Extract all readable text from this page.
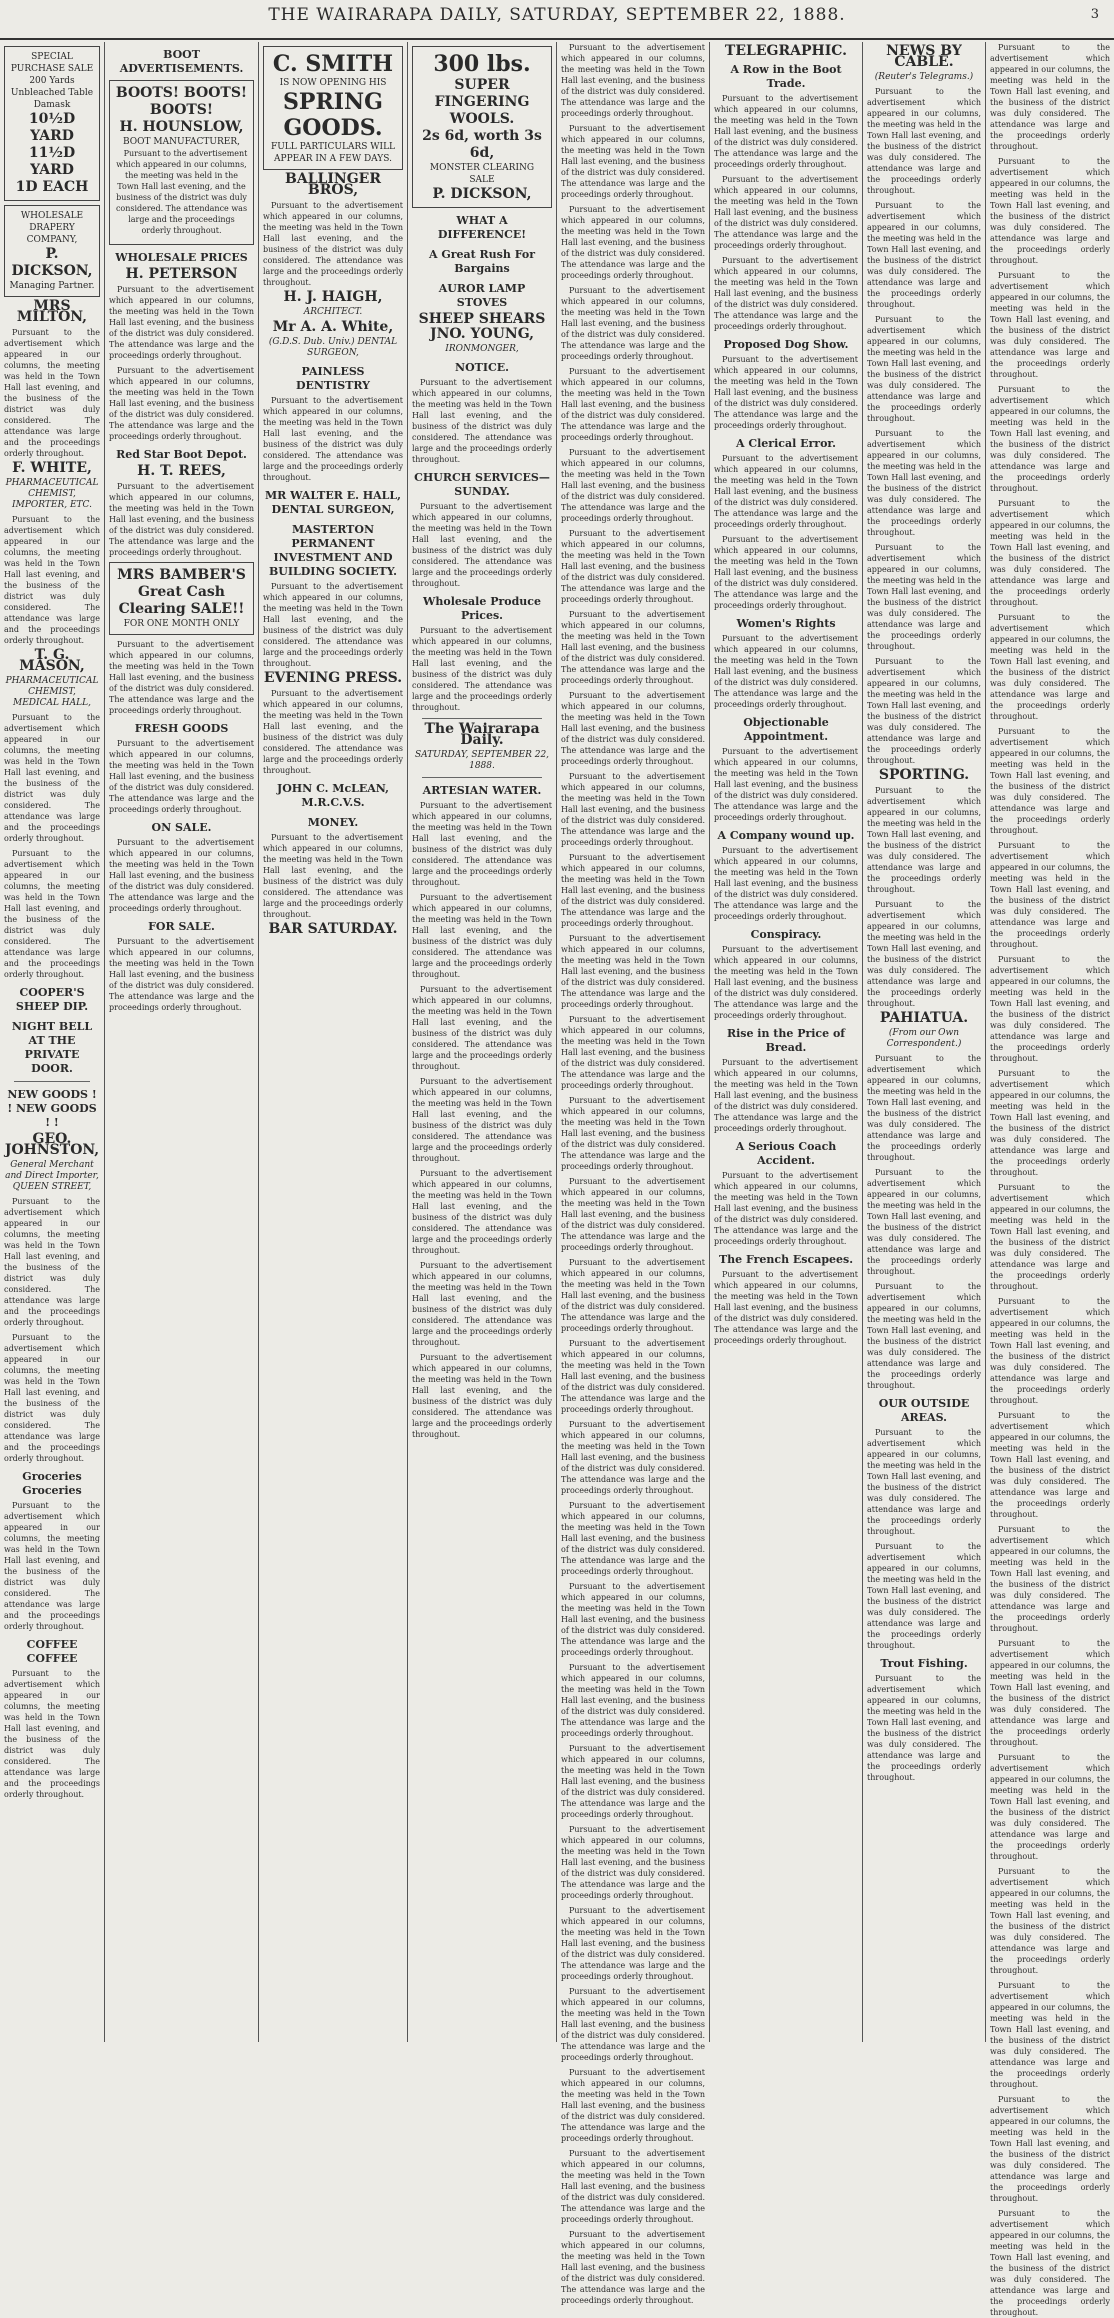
THE WAIRARAPA DAILY, SATURDAY, SEPTEMBER 22, 1888.	3
SPECIAL PURCHASE SALE
200 Yards Unbleached Table Damask
10½D YARD
11½D YARD
1D EACH
WHOLESALE DRAPERY COMPANY,
P. DICKSON,
Managing Partner.
MRS MILTON,
Pursuant to the advertisement which appeared in our columns, the meeting was held in the Town Hall last evening, and the business of the district was duly considered. The attendance was large and the proceedings orderly throughout.
F. WHITE,
PHARMACEUTICAL CHEMIST, IMPORTER, ETC.
Pursuant to the advertisement which appeared in our columns, the meeting was held in the Town Hall last evening, and the business of the district was duly considered. The attendance was large and the proceedings orderly throughout.
T. G. MASON,
PHARMACEUTICAL CHEMIST, MEDICAL HALL,
Pursuant to the advertisement which appeared in our columns, the meeting was held in the Town Hall last evening, and the business of the district was duly considered. The attendance was large and the proceedings orderly throughout.
Pursuant to the advertisement which appeared in our columns, the meeting was held in the Town Hall last evening, and the business of the district was duly considered. The attendance was large and the proceedings orderly throughout.
COOPER'S SHEEP DIP.
NIGHT BELL AT THE PRIVATE DOOR.
NEW GOODS ! ! NEW GOODS ! !
GEO. JOHNSTON,
General Merchant and Direct Importer, QUEEN STREET,
Pursuant to the advertisement which appeared in our columns, the meeting was held in the Town Hall last evening, and the business of the district was duly considered. The attendance was large and the proceedings orderly throughout.
Pursuant to the advertisement which appeared in our columns, the meeting was held in the Town Hall last evening, and the business of the district was duly considered. The attendance was large and the proceedings orderly throughout.
Groceries Groceries
Pursuant to the advertisement which appeared in our columns, the meeting was held in the Town Hall last evening, and the business of the district was duly considered. The attendance was large and the proceedings orderly throughout.
COFFEE COFFEE
Pursuant to the advertisement which appeared in our columns, the meeting was held in the Town Hall last evening, and the business of the district was duly considered. The attendance was large and the proceedings orderly throughout.
BOOT ADVERTISEMENTS.
BOOTS! BOOTS! BOOTS!
H. HOUNSLOW,
BOOT MANUFACTURER,
Pursuant to the advertisement which appeared in our columns, the meeting was held in the Town Hall last evening, and the business of the district was duly considered. The attendance was large and the proceedings orderly throughout.
WHOLESALE PRICES
H. PETERSON
Pursuant to the advertisement which appeared in our columns, the meeting was held in the Town Hall last evening, and the business of the district was duly considered. The attendance was large and the proceedings orderly throughout.
Pursuant to the advertisement which appeared in our columns, the meeting was held in the Town Hall last evening, and the business of the district was duly considered. The attendance was large and the proceedings orderly throughout.
Red Star Boot Depot.
H. T. REES,
Pursuant to the advertisement which appeared in our columns, the meeting was held in the Town Hall last evening, and the business of the district was duly considered. The attendance was large and the proceedings orderly throughout.
MRS BAMBER'S Great Cash Clearing SALE!!
FOR ONE MONTH ONLY
Pursuant to the advertisement which appeared in our columns, the meeting was held in the Town Hall last evening, and the business of the district was duly considered. The attendance was large and the proceedings orderly throughout.
FRESH GOODS
Pursuant to the advertisement which appeared in our columns, the meeting was held in the Town Hall last evening, and the business of the district was duly considered. The attendance was large and the proceedings orderly throughout.
ON SALE.
Pursuant to the advertisement which appeared in our columns, the meeting was held in the Town Hall last evening, and the business of the district was duly considered. The attendance was large and the proceedings orderly throughout.
FOR SALE.
Pursuant to the advertisement which appeared in our columns, the meeting was held in the Town Hall last evening, and the business of the district was duly considered. The attendance was large and the proceedings orderly throughout.
C. SMITH
IS NOW OPENING HIS
SPRING GOODS.
FULL PARTICULARS WILL APPEAR IN A FEW DAYS.
BALLINGER BROS,
Pursuant to the advertisement which appeared in our columns, the meeting was held in the Town Hall last evening, and the business of the district was duly considered. The attendance was large and the proceedings orderly throughout.
H. J. HAIGH,
ARCHITECT.
Mr A. A. White,
(G.D.S. Dub. Univ.) DENTAL SURGEON,
PAINLESS DENTISTRY
Pursuant to the advertisement which appeared in our columns, the meeting was held in the Town Hall last evening, and the business of the district was duly considered. The attendance was large and the proceedings orderly throughout.
MR WALTER E. HALL, DENTAL SURGEON,
MASTERTON PERMANENT INVESTMENT AND BUILDING SOCIETY.
Pursuant to the advertisement which appeared in our columns, the meeting was held in the Town Hall last evening, and the business of the district was duly considered. The attendance was large and the proceedings orderly throughout.
EVENING PRESS.
Pursuant to the advertisement which appeared in our columns, the meeting was held in the Town Hall last evening, and the business of the district was duly considered. The attendance was large and the proceedings orderly throughout.
JOHN C. McLEAN, M.R.C.V.S.
MONEY.
Pursuant to the advertisement which appeared in our columns, the meeting was held in the Town Hall last evening, and the business of the district was duly considered. The attendance was large and the proceedings orderly throughout.
BAR SATURDAY.
300 lbs.
SUPER FINGERING WOOLS.
2s 6d, worth 3s 6d,
MONSTER CLEARING SALE
P. DICKSON,
WHAT A DIFFERENCE!
A Great Rush For Bargains
AUROR LAMP STOVES
SHEEP SHEARS
JNO. YOUNG,
IRONMONGER,
NOTICE.
Pursuant to the advertisement which appeared in our columns, the meeting was held in the Town Hall last evening, and the business of the district was duly considered. The attendance was large and the proceedings orderly throughout.
CHURCH SERVICES—SUNDAY.
Pursuant to the advertisement which appeared in our columns, the meeting was held in the Town Hall last evening, and the business of the district was duly considered. The attendance was large and the proceedings orderly throughout.
Wholesale Produce Prices.
Pursuant to the advertisement which appeared in our columns, the meeting was held in the Town Hall last evening, and the business of the district was duly considered. The attendance was large and the proceedings orderly throughout.
The Wairarapa Daily.
SATURDAY, SEPTEMBER 22, 1888.
ARTESIAN WATER.
Pursuant to the advertisement which appeared in our columns, the meeting was held in the Town Hall last evening, and the business of the district was duly considered. The attendance was large and the proceedings orderly throughout.
Pursuant to the advertisement which appeared in our columns, the meeting was held in the Town Hall last evening, and the business of the district was duly considered. The attendance was large and the proceedings orderly throughout.
Pursuant to the advertisement which appeared in our columns, the meeting was held in the Town Hall last evening, and the business of the district was duly considered. The attendance was large and the proceedings orderly throughout.
Pursuant to the advertisement which appeared in our columns, the meeting was held in the Town Hall last evening, and the business of the district was duly considered. The attendance was large and the proceedings orderly throughout.
Pursuant to the advertisement which appeared in our columns, the meeting was held in the Town Hall last evening, and the business of the district was duly considered. The attendance was large and the proceedings orderly throughout.
Pursuant to the advertisement which appeared in our columns, the meeting was held in the Town Hall last evening, and the business of the district was duly considered. The attendance was large and the proceedings orderly throughout.
Pursuant to the advertisement which appeared in our columns, the meeting was held in the Town Hall last evening, and the business of the district was duly considered. The attendance was large and the proceedings orderly throughout.
Pursuant to the advertisement which appeared in our columns, the meeting was held in the Town Hall last evening, and the business of the district was duly considered. The attendance was large and the proceedings orderly throughout.
Pursuant to the advertisement which appeared in our columns, the meeting was held in the Town Hall last evening, and the business of the district was duly considered. The attendance was large and the proceedings orderly throughout.
Pursuant to the advertisement which appeared in our columns, the meeting was held in the Town Hall last evening, and the business of the district was duly considered. The attendance was large and the proceedings orderly throughout.
Pursuant to the advertisement which appeared in our columns, the meeting was held in the Town Hall last evening, and the business of the district was duly considered. The attendance was large and the proceedings orderly throughout.
Pursuant to the advertisement which appeared in our columns, the meeting was held in the Town Hall last evening, and the business of the district was duly considered. The attendance was large and the proceedings orderly throughout.
Pursuant to the advertisement which appeared in our columns, the meeting was held in the Town Hall last evening, and the business of the district was duly considered. The attendance was large and the proceedings orderly throughout.
Pursuant to the advertisement which appeared in our columns, the meeting was held in the Town Hall last evening, and the business of the district was duly considered. The attendance was large and the proceedings orderly throughout.
Pursuant to the advertisement which appeared in our columns, the meeting was held in the Town Hall last evening, and the business of the district was duly considered. The attendance was large and the proceedings orderly throughout.
Pursuant to the advertisement which appeared in our columns, the meeting was held in the Town Hall last evening, and the business of the district was duly considered. The attendance was large and the proceedings orderly throughout.
Pursuant to the advertisement which appeared in our columns, the meeting was held in the Town Hall last evening, and the business of the district was duly considered. The attendance was large and the proceedings orderly throughout.
Pursuant to the advertisement which appeared in our columns, the meeting was held in the Town Hall last evening, and the business of the district was duly considered. The attendance was large and the proceedings orderly throughout.
Pursuant to the advertisement which appeared in our columns, the meeting was held in the Town Hall last evening, and the business of the district was duly considered. The attendance was large and the proceedings orderly throughout.
Pursuant to the advertisement which appeared in our columns, the meeting was held in the Town Hall last evening, and the business of the district was duly considered. The attendance was large and the proceedings orderly throughout.
Pursuant to the advertisement which appeared in our columns, the meeting was held in the Town Hall last evening, and the business of the district was duly considered. The attendance was large and the proceedings orderly throughout.
Pursuant to the advertisement which appeared in our columns, the meeting was held in the Town Hall last evening, and the business of the district was duly considered. The attendance was large and the proceedings orderly throughout.
Pursuant to the advertisement which appeared in our columns, the meeting was held in the Town Hall last evening, and the business of the district was duly considered. The attendance was large and the proceedings orderly throughout.
Pursuant to the advertisement which appeared in our columns, the meeting was held in the Town Hall last evening, and the business of the district was duly considered. The attendance was large and the proceedings orderly throughout.
Pursuant to the advertisement which appeared in our columns, the meeting was held in the Town Hall last evening, and the business of the district was duly considered. The attendance was large and the proceedings orderly throughout.
Pursuant to the advertisement which appeared in our columns, the meeting was held in the Town Hall last evening, and the business of the district was duly considered. The attendance was large and the proceedings orderly throughout.
Pursuant to the advertisement which appeared in our columns, the meeting was held in the Town Hall last evening, and the business of the district was duly considered. The attendance was large and the proceedings orderly throughout.
Pursuant to the advertisement which appeared in our columns, the meeting was held in the Town Hall last evening, and the business of the district was duly considered. The attendance was large and the proceedings orderly throughout.
Pursuant to the advertisement which appeared in our columns, the meeting was held in the Town Hall last evening, and the business of the district was duly considered. The attendance was large and the proceedings orderly throughout.
Pursuant to the advertisement which appeared in our columns, the meeting was held in the Town Hall last evening, and the business of the district was duly considered. The attendance was large and the proceedings orderly throughout.
Pursuant to the advertisement which appeared in our columns, the meeting was held in the Town Hall last evening, and the business of the district was duly considered. The attendance was large and the proceedings orderly throughout.
Pursuant to the advertisement which appeared in our columns, the meeting was held in the Town Hall last evening, and the business of the district was duly considered. The attendance was large and the proceedings orderly throughout.
Pursuant to the advertisement which appeared in our columns, the meeting was held in the Town Hall last evening, and the business of the district was duly considered. The attendance was large and the proceedings orderly throughout.
Pursuant to the advertisement which appeared in our columns, the meeting was held in the Town Hall last evening, and the business of the district was duly considered. The attendance was large and the proceedings orderly throughout.
Pursuant to the advertisement which appeared in our columns, the meeting was held in the Town Hall last evening, and the business of the district was duly considered. The attendance was large and the proceedings orderly throughout.
TELEGRAPHIC.
A Row in the Boot Trade.
Pursuant to the advertisement which appeared in our columns, the meeting was held in the Town Hall last evening, and the business of the district was duly considered. The attendance was large and the proceedings orderly throughout.
Pursuant to the advertisement which appeared in our columns, the meeting was held in the Town Hall last evening, and the business of the district was duly considered. The attendance was large and the proceedings orderly throughout.
Pursuant to the advertisement which appeared in our columns, the meeting was held in the Town Hall last evening, and the business of the district was duly considered. The attendance was large and the proceedings orderly throughout.
Proposed Dog Show.
Pursuant to the advertisement which appeared in our columns, the meeting was held in the Town Hall last evening, and the business of the district was duly considered. The attendance was large and the proceedings orderly throughout.
A Clerical Error.
Pursuant to the advertisement which appeared in our columns, the meeting was held in the Town Hall last evening, and the business of the district was duly considered. The attendance was large and the proceedings orderly throughout.
Pursuant to the advertisement which appeared in our columns, the meeting was held in the Town Hall last evening, and the business of the district was duly considered. The attendance was large and the proceedings orderly throughout.
Women's Rights
Pursuant to the advertisement which appeared in our columns, the meeting was held in the Town Hall last evening, and the business of the district was duly considered. The attendance was large and the proceedings orderly throughout.
Objectionable Appointment.
Pursuant to the advertisement which appeared in our columns, the meeting was held in the Town Hall last evening, and the business of the district was duly considered. The attendance was large and the proceedings orderly throughout.
A Company wound up.
Pursuant to the advertisement which appeared in our columns, the meeting was held in the Town Hall last evening, and the business of the district was duly considered. The attendance was large and the proceedings orderly throughout.
Conspiracy.
Pursuant to the advertisement which appeared in our columns, the meeting was held in the Town Hall last evening, and the business of the district was duly considered. The attendance was large and the proceedings orderly throughout.
Rise in the Price of Bread.
Pursuant to the advertisement which appeared in our columns, the meeting was held in the Town Hall last evening, and the business of the district was duly considered. The attendance was large and the proceedings orderly throughout.
A Serious Coach Accident.
Pursuant to the advertisement which appeared in our columns, the meeting was held in the Town Hall last evening, and the business of the district was duly considered. The attendance was large and the proceedings orderly throughout.
The French Escapees.
Pursuant to the advertisement which appeared in our columns, the meeting was held in the Town Hall last evening, and the business of the district was duly considered. The attendance was large and the proceedings orderly throughout.
NEWS BY CABLE.
(Reuter's Telegrams.)
Pursuant to the advertisement which appeared in our columns, the meeting was held in the Town Hall last evening, and the business of the district was duly considered. The attendance was large and the proceedings orderly throughout.
Pursuant to the advertisement which appeared in our columns, the meeting was held in the Town Hall last evening, and the business of the district was duly considered. The attendance was large and the proceedings orderly throughout.
Pursuant to the advertisement which appeared in our columns, the meeting was held in the Town Hall last evening, and the business of the district was duly considered. The attendance was large and the proceedings orderly throughout.
Pursuant to the advertisement which appeared in our columns, the meeting was held in the Town Hall last evening, and the business of the district was duly considered. The attendance was large and the proceedings orderly throughout.
Pursuant to the advertisement which appeared in our columns, the meeting was held in the Town Hall last evening, and the business of the district was duly considered. The attendance was large and the proceedings orderly throughout.
Pursuant to the advertisement which appeared in our columns, the meeting was held in the Town Hall last evening, and the business of the district was duly considered. The attendance was large and the proceedings orderly throughout.
SPORTING.
Pursuant to the advertisement which appeared in our columns, the meeting was held in the Town Hall last evening, and the business of the district was duly considered. The attendance was large and the proceedings orderly throughout.
Pursuant to the advertisement which appeared in our columns, the meeting was held in the Town Hall last evening, and the business of the district was duly considered. The attendance was large and the proceedings orderly throughout.
PAHIATUA.
(From our Own Correspondent.)
Pursuant to the advertisement which appeared in our columns, the meeting was held in the Town Hall last evening, and the business of the district was duly considered. The attendance was large and the proceedings orderly throughout.
Pursuant to the advertisement which appeared in our columns, the meeting was held in the Town Hall last evening, and the business of the district was duly considered. The attendance was large and the proceedings orderly throughout.
Pursuant to the advertisement which appeared in our columns, the meeting was held in the Town Hall last evening, and the business of the district was duly considered. The attendance was large and the proceedings orderly throughout.
OUR OUTSIDE AREAS.
Pursuant to the advertisement which appeared in our columns, the meeting was held in the Town Hall last evening, and the business of the district was duly considered. The attendance was large and the proceedings orderly throughout.
Pursuant to the advertisement which appeared in our columns, the meeting was held in the Town Hall last evening, and the business of the district was duly considered. The attendance was large and the proceedings orderly throughout.
Trout Fishing.
Pursuant to the advertisement which appeared in our columns, the meeting was held in the Town Hall last evening, and the business of the district was duly considered. The attendance was large and the proceedings orderly throughout.
Pursuant to the advertisement which appeared in our columns, the meeting was held in the Town Hall last evening, and the business of the district was duly considered. The attendance was large and the proceedings orderly throughout.
Pursuant to the advertisement which appeared in our columns, the meeting was held in the Town Hall last evening, and the business of the district was duly considered. The attendance was large and the proceedings orderly throughout.
Pursuant to the advertisement which appeared in our columns, the meeting was held in the Town Hall last evening, and the business of the district was duly considered. The attendance was large and the proceedings orderly throughout.
Pursuant to the advertisement which appeared in our columns, the meeting was held in the Town Hall last evening, and the business of the district was duly considered. The attendance was large and the proceedings orderly throughout.
Pursuant to the advertisement which appeared in our columns, the meeting was held in the Town Hall last evening, and the business of the district was duly considered. The attendance was large and the proceedings orderly throughout.
Pursuant to the advertisement which appeared in our columns, the meeting was held in the Town Hall last evening, and the business of the district was duly considered. The attendance was large and the proceedings orderly throughout.
Pursuant to the advertisement which appeared in our columns, the meeting was held in the Town Hall last evening, and the business of the district was duly considered. The attendance was large and the proceedings orderly throughout.
Pursuant to the advertisement which appeared in our columns, the meeting was held in the Town Hall last evening, and the business of the district was duly considered. The attendance was large and the proceedings orderly throughout.
Pursuant to the advertisement which appeared in our columns, the meeting was held in the Town Hall last evening, and the business of the district was duly considered. The attendance was large and the proceedings orderly throughout.
Pursuant to the advertisement which appeared in our columns, the meeting was held in the Town Hall last evening, and the business of the district was duly considered. The attendance was large and the proceedings orderly throughout.
Pursuant to the advertisement which appeared in our columns, the meeting was held in the Town Hall last evening, and the business of the district was duly considered. The attendance was large and the proceedings orderly throughout.
Pursuant to the advertisement which appeared in our columns, the meeting was held in the Town Hall last evening, and the business of the district was duly considered. The attendance was large and the proceedings orderly throughout.
Pursuant to the advertisement which appeared in our columns, the meeting was held in the Town Hall last evening, and the business of the district was duly considered. The attendance was large and the proceedings orderly throughout.
Pursuant to the advertisement which appeared in our columns, the meeting was held in the Town Hall last evening, and the business of the district was duly considered. The attendance was large and the proceedings orderly throughout.
Pursuant to the advertisement which appeared in our columns, the meeting was held in the Town Hall last evening, and the business of the district was duly considered. The attendance was large and the proceedings orderly throughout.
Pursuant to the advertisement which appeared in our columns, the meeting was held in the Town Hall last evening, and the business of the district was duly considered. The attendance was large and the proceedings orderly throughout.
Pursuant to the advertisement which appeared in our columns, the meeting was held in the Town Hall last evening, and the business of the district was duly considered. The attendance was large and the proceedings orderly throughout.
Pursuant to the advertisement which appeared in our columns, the meeting was held in the Town Hall last evening, and the business of the district was duly considered. The attendance was large and the proceedings orderly throughout.
Pursuant to the advertisement which appeared in our columns, the meeting was held in the Town Hall last evening, and the business of the district was duly considered. The attendance was large and the proceedings orderly throughout.
Pursuant to the advertisement which appeared in our columns, the meeting was held in the Town Hall last evening, and the business of the district was duly considered. The attendance was large and the proceedings orderly throughout.
